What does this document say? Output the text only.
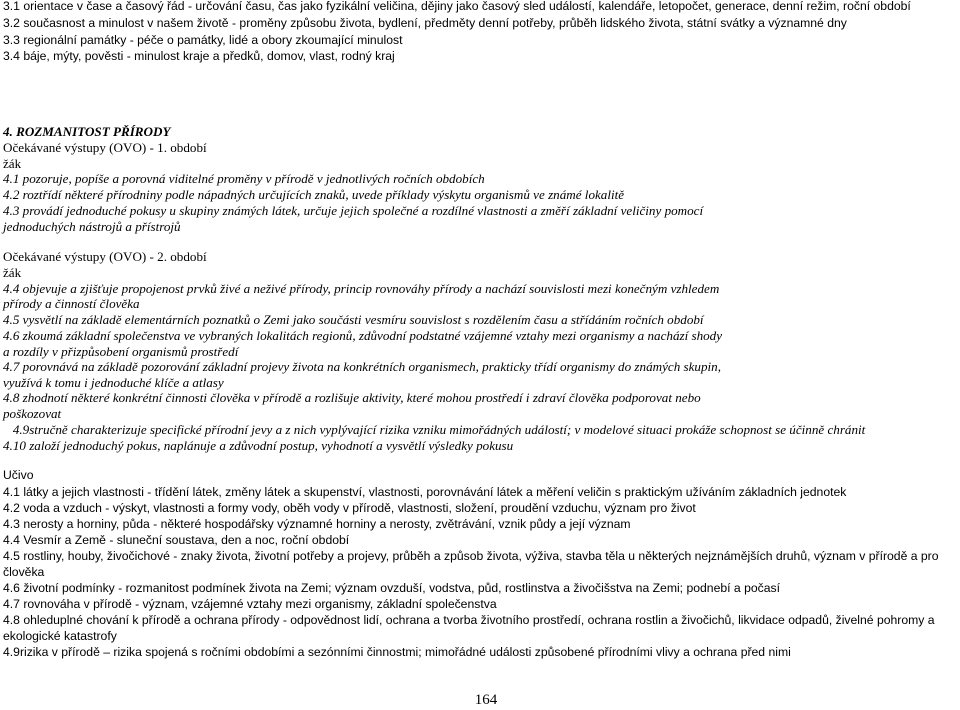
3.1 orientace v čase a časový řád - určování času, čas jako fyzikální veličina, dějiny jako časový sled událostí, kalendáře, letopočet, generace, denní režim, roční období
3.2 současnost a minulost v našem životě - proměny způsobu života, bydlení, předměty denní potřeby, průběh lidského života, státní svátky a významné dny
3.3 regionální památky - péče o památky, lidé a obory zkoumající minulost
3.4 báje, mýty, pověsti - minulost kraje a předků, domov, vlast, rodný kraj
4. ROZMANITOST PŘÍRODY
Očekávané výstupy (OVO) - 1. období
žák
4.1 pozoruje, popíše a porovná viditelné proměny v přírodě v jednotlivých ročních obdobích
4.2 roztřídí některé přírodniny podle nápadných určujících znaků, uvede příklady výskytu organismů ve známé lokalitě
4.3 provádí jednoduché pokusy u skupiny známých látek, určuje jejich společné a rozdílné vlastnosti a změří základní veličiny pomocí
jednoduchých nástrojů a přístrojů
Očekávané výstupy (OVO) - 2. období
žák
4.4 objevuje a zjišťuje propojenost prvků živé a neživé přírody, princip rovnováhy přírody a nachází souvislosti mezi konečným vzhledem
přírody a činností člověka
4.5 vysvětlí na základě elementárních poznatků o Zemi jako součásti vesmíru souvislost s rozdělením času a střídáním ročních období
4.6 zkoumá základní společenstva ve vybraných lokalitách regionů, zdůvodní podstatné vzájemné vztahy mezi organismy a nachází shody
a rozdíly v přizpůsobení organismů prostředí
4.7 porovnává na základě pozorování základní projevy života na konkrétních organismech, prakticky třídí organismy do známých skupin,
využívá k tomu i jednoduché klíče a atlasy
4.8 zhodnotí některé konkrétní činnosti člověka v přírodě a rozlišuje aktivity, které mohou prostředí i zdraví člověka podporovat nebo
poškozovat
4.9stručně charakterizuje specifické přírodní jevy a z nich vyplývající rizika vzniku mimořádných událostí; v modelové situaci prokáže schopnost se účinně chránit
4.10 založí jednoduchý pokus, naplánuje a zdůvodní postup, vyhodnotí a vysvětlí výsledky pokusu
Učivo
4.1 látky a jejich vlastnosti - třídění látek, změny látek a skupenství, vlastnosti, porovnávání látek a měření veličin s praktickým užíváním základních jednotek
4.2 voda a vzduch - výskyt, vlastnosti a formy vody, oběh vody v přírodě, vlastnosti, složení, proudění vzduchu, význam pro život
4.3 nerosty a horniny, půda - některé hospodářsky významné horniny a nerosty, zvětrávání, vznik půdy a její význam
4.4 Vesmír a Země - sluneční soustava, den a noc, roční období
4.5 rostliny, houby, živočichové - znaky života, životní potřeby a projevy, průběh a způsob života, výživa, stavba těla u některých nejznámějších druhů, význam v přírodě a pro
člověka
4.6 životní podmínky - rozmanitost podmínek života na Zemi; význam ovzduší, vodstva, půd, rostlinstva a živočišstva na Zemi; podnebí a počasí
4.7 rovnováha v přírodě - význam, vzájemné vztahy mezi organismy, základní společenstva
4.8 ohleduplné chování k přírodě a ochrana přírody - odpovědnost lidí, ochrana a tvorba životního prostředí, ochrana rostlin a živočichů, likvidace odpadů, živelné pohromy a
ekologické katastrofy
4.9rizika v přírodě – rizika spojená s ročními obdobími a sezónními činnostmi; mimořádné události způsobené přírodními vlivy a ochrana před nimi
164
